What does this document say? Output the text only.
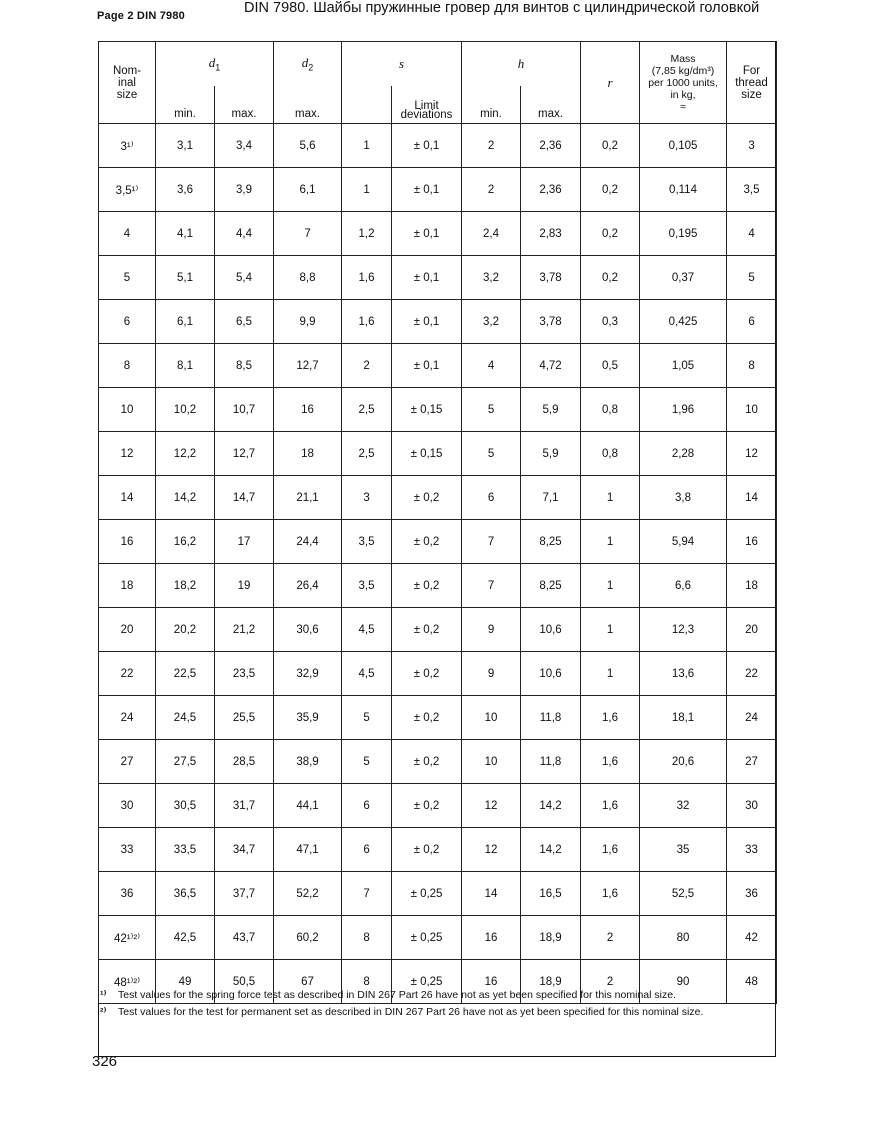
Page 2 DIN 7980	DIN 7980. Шайбы пружинные гровер для винтов с цилиндрической головкой
Nom-
inal
size	$d_1$		$d_2$	s		h		r	Mass
(7,85 kg/dm³)
per 1000 units,
in kg,
≈	For
thread
size
	min.	max.	max.		Limit
deviations	min.	max.			
3¹⁾	3,1	3,4	5,6	1	± 0,1	2	2,36	0,2	0,105	3
3,5¹⁾	3,6	3,9	6,1	1	± 0,1	2	2,36	0,2	0,114	3,5
4	4,1	4,4	7	1,2	± 0,1	2,4	2,83	0,2	0,195	4
5	5,1	5,4	8,8	1,6	± 0,1	3,2	3,78	0,2	0,37	5
6	6,1	6,5	9,9	1,6	± 0,1	3,2	3,78	0,3	0,425	6
8	8,1	8,5	12,7	2	± 0,1	4	4,72	0,5	1,05	8
10	10,2	10,7	16	2,5	± 0,15	5	5,9	0,8	1,96	10
12	12,2	12,7	18	2,5	± 0,15	5	5,9	0,8	2,28	12
14	14,2	14,7	21,1	3	± 0,2	6	7,1	1	3,8	14
16	16,2	17	24,4	3,5	± 0,2	7	8,25	1	5,94	16
18	18,2	19	26,4	3,5	± 0,2	7	8,25	1	6,6	18
20	20,2	21,2	30,6	4,5	± 0,2	9	10,6	1	12,3	20
22	22,5	23,5	32,9	4,5	± 0,2	9	10,6	1	13,6	22
24	24,5	25,5	35,9	5	± 0,2	10	11,8	1,6	18,1	24
27	27,5	28,5	38,9	5	± 0,2	10	11,8	1,6	20,6	27
30	30,5	31,7	44,1	6	± 0,2	12	14,2	1,6	32	30
33	33,5	34,7	47,1	6	± 0,2	12	14,2	1,6	35	33
36	36,5	37,7	52,2	7	± 0,25	14	16,5	1,6	52,5	36
42¹⁾²⁾	42,5	43,7	60,2	8	± 0,25	16	18,9	2	80	42
48¹⁾²⁾	49	50,5	67	8	± 0,25	16	18,9	2	90	48
¹⁾	Test values for the spring force test as described in DIN 267 Part 26 have not as yet been specified for this nominal size.
²⁾	Test values for the test for permanent set as described in DIN 267 Part 26 have not as yet been specified for this nominal size.
326
